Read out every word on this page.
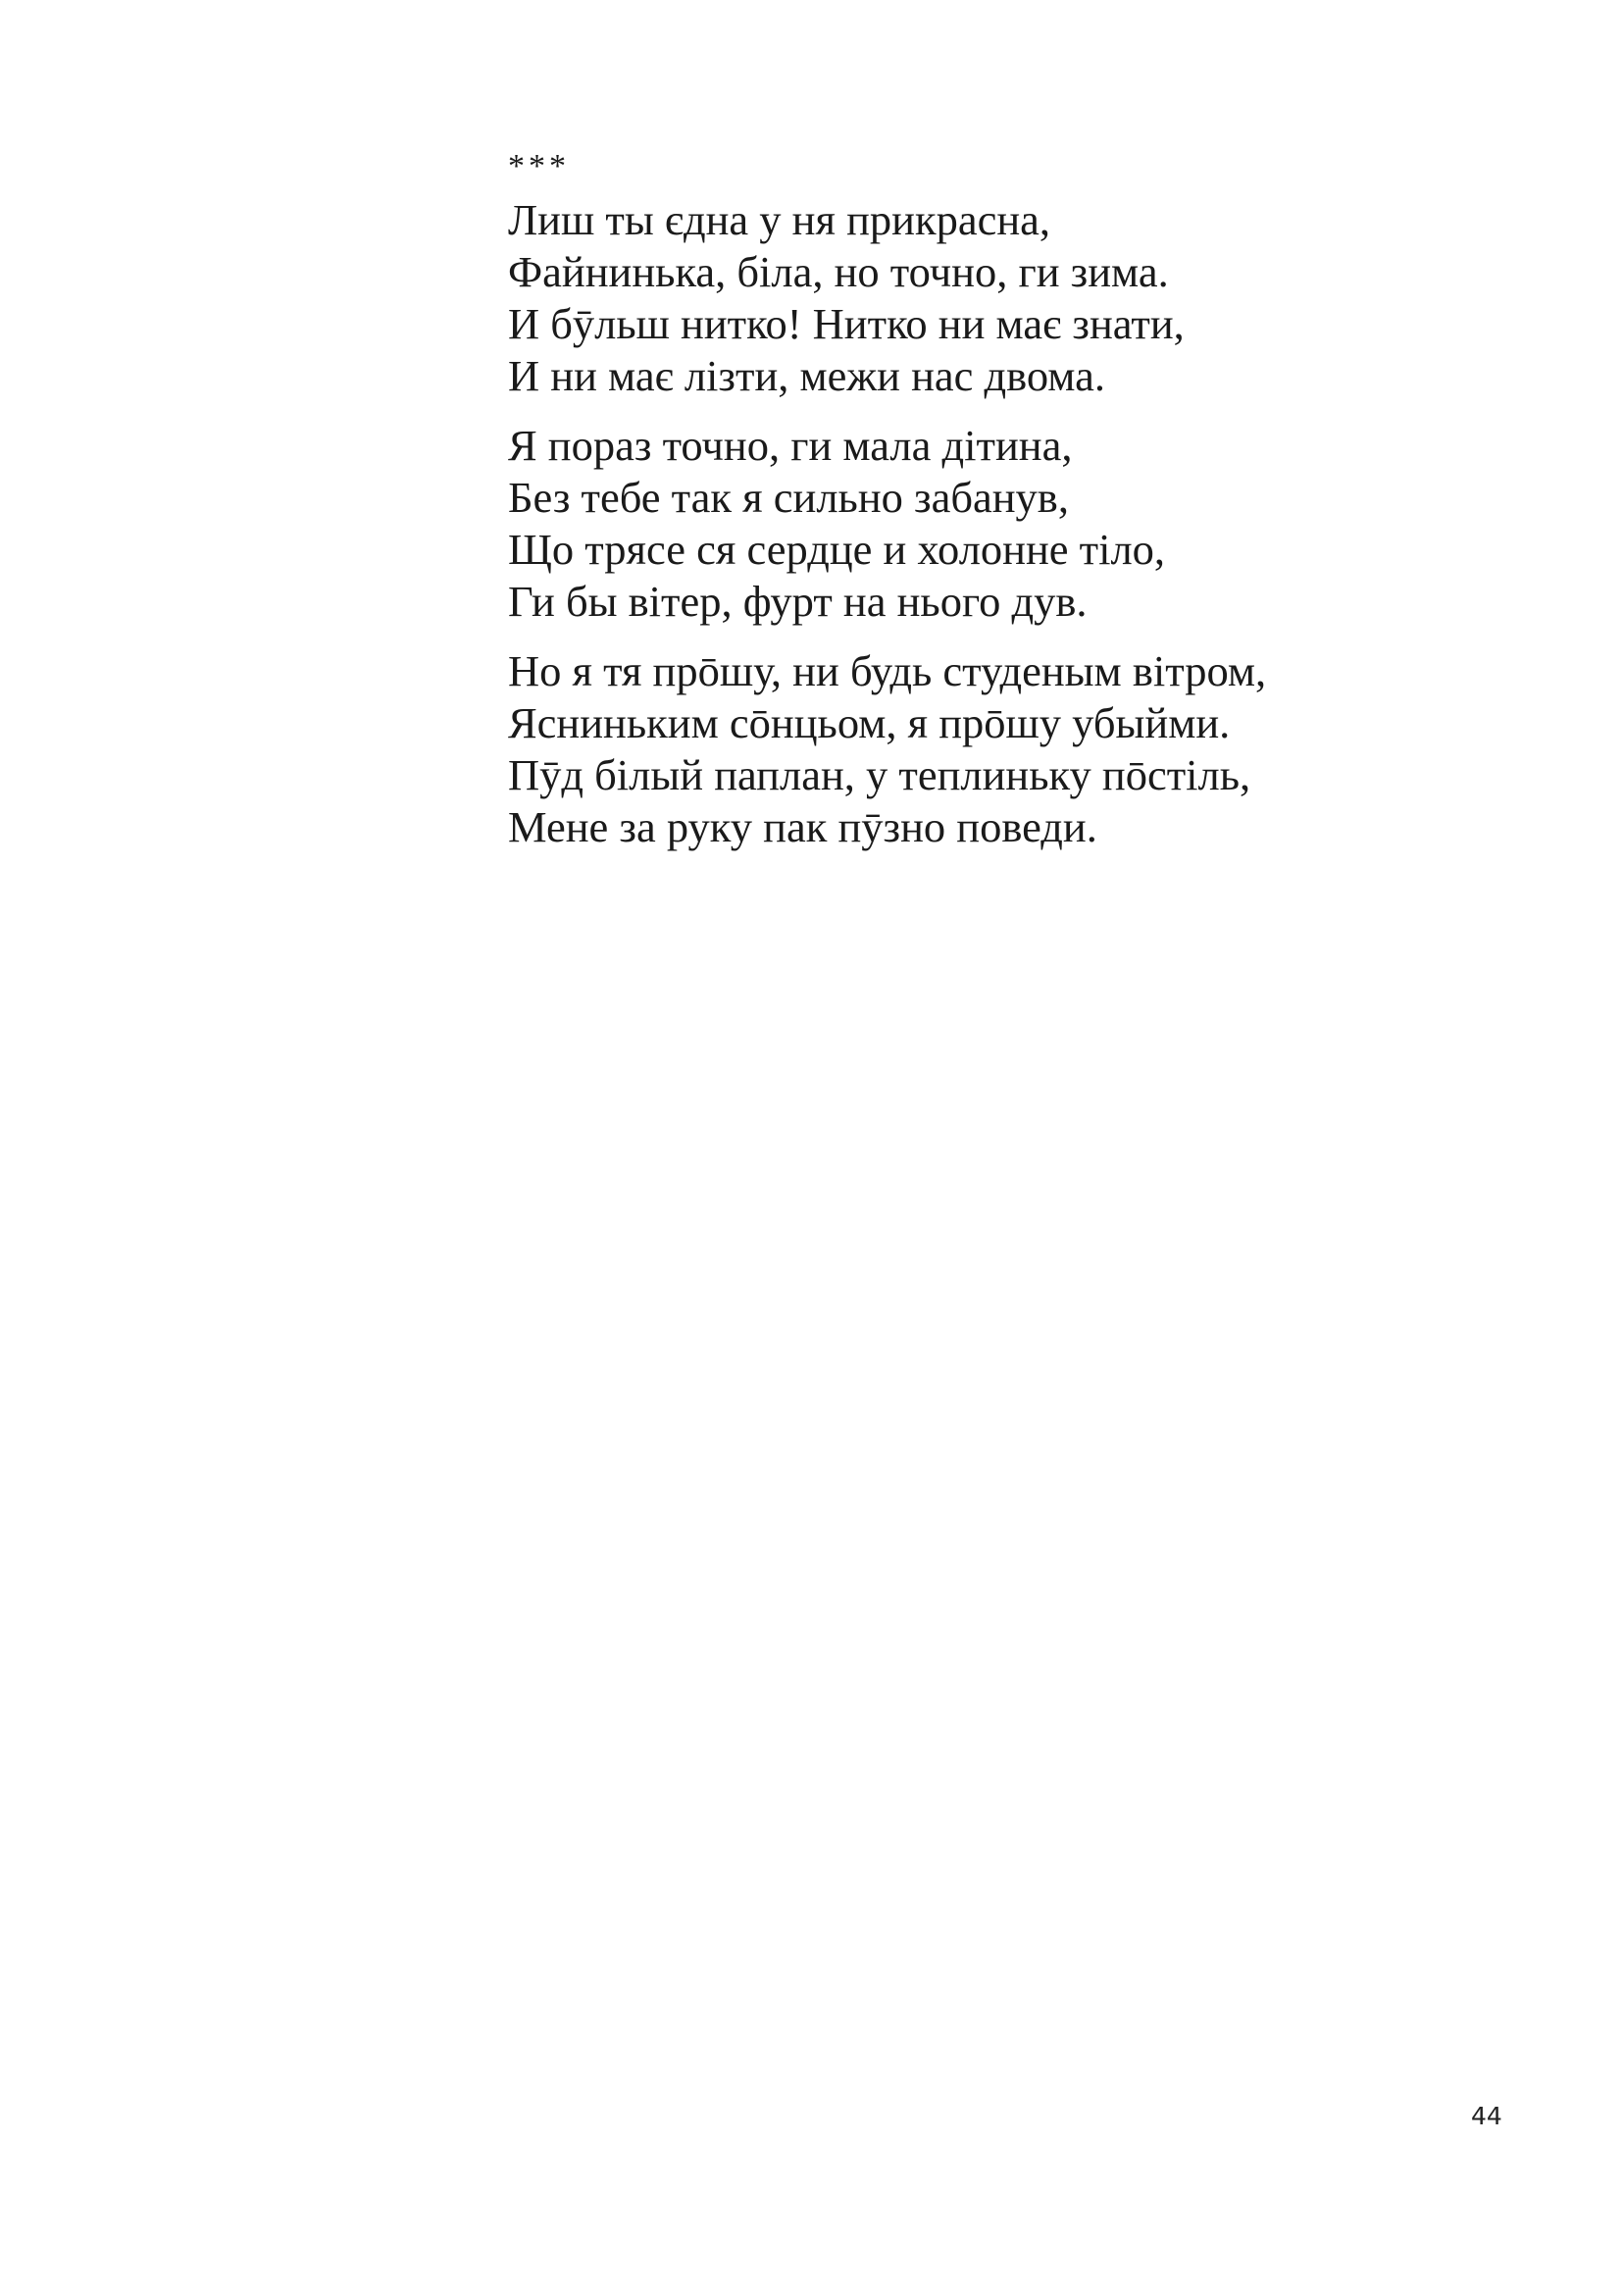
***
Лиш ты єдна у ня прикрасна,
Файнинька, біла, но точно, ги зима.
И бӯльш нитко! Нитко ни має знати,
И ни має лізти, межи нас двома.
Я пораз точно, ги мала дітина,
Без тебе так я сильно забанув,
Що трясе ся сердце и холонне тіло,
Ги бы вітер, фурт на нього дув.
Но я тя прōшу, ни будь студеным вітром,
Ясниньким сōнцьом, я прōшу убыйми.
Пӯд білый паплан, у теплиньку пōстіль,
Мене за руку пак пӯзно поведи.
44
